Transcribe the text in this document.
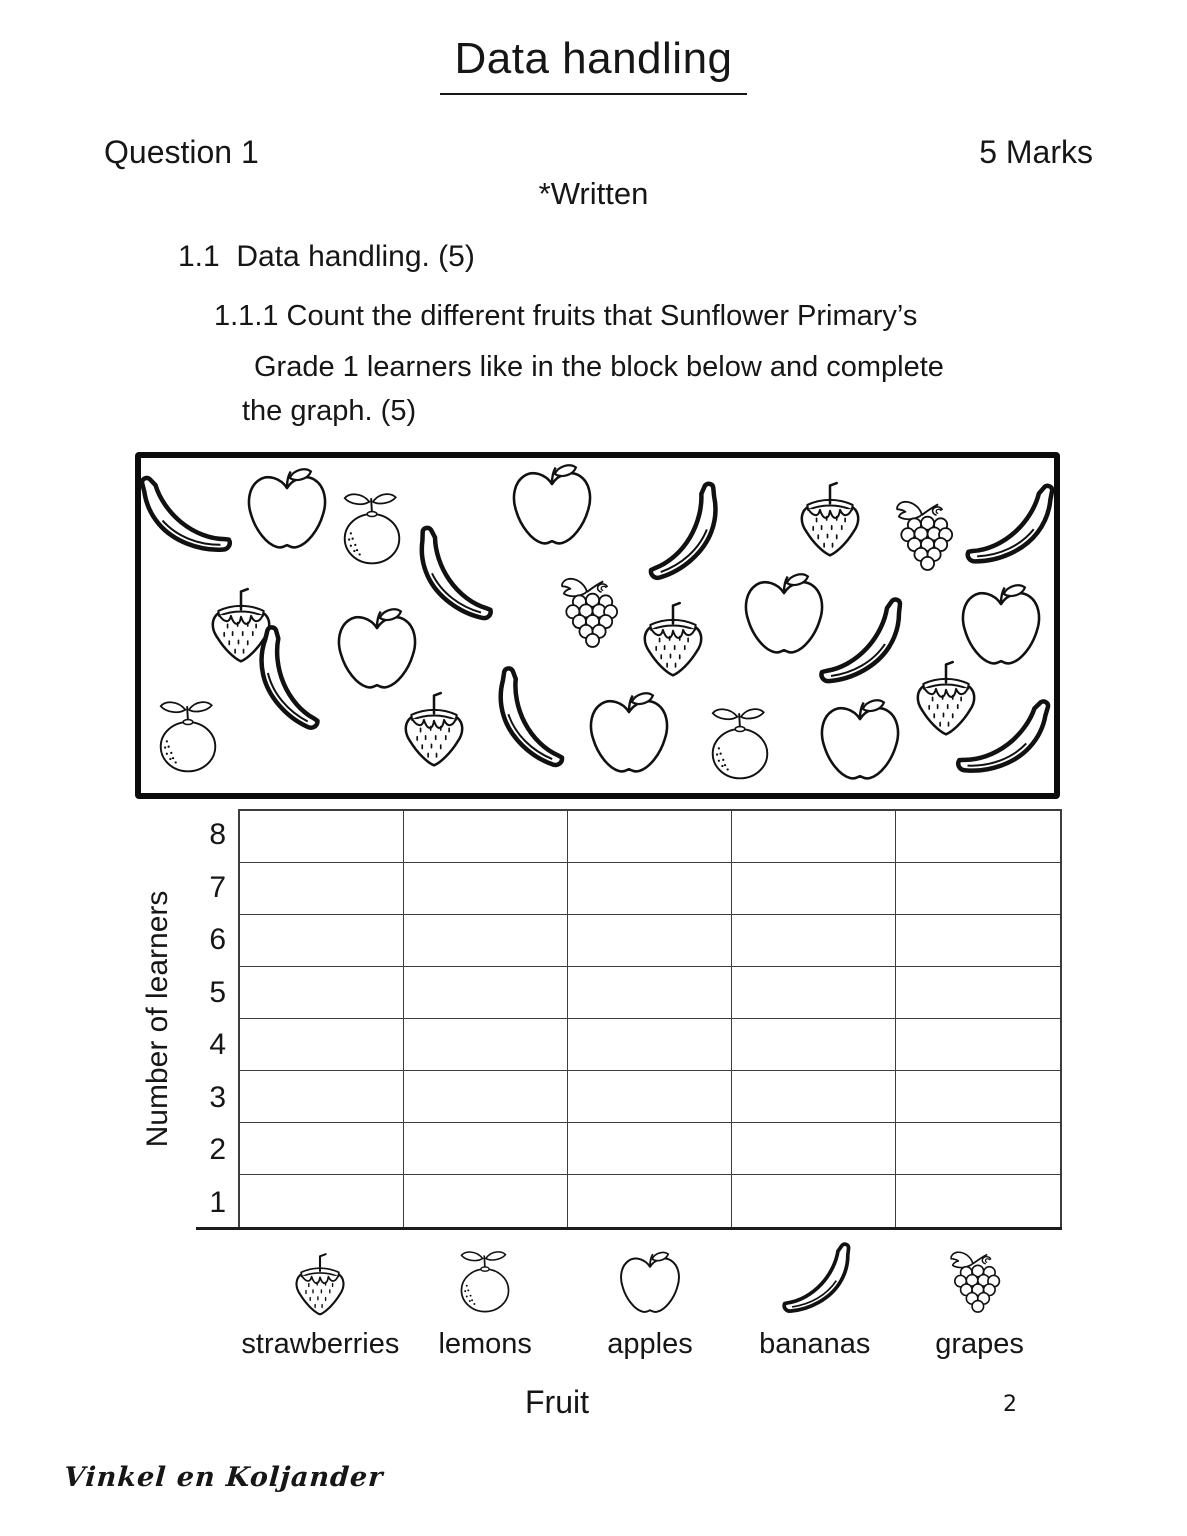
Data handling
Question 1	5 Marks
*Written
1.1  Data handling. (5)
1.1.1 Count the different fruits that Sunflower Primary’s
Grade 1 learners like in the block below and complete
the graph. (5)
Number of learners
8
7
6
5
4
3
2
1
strawberries	lemons	apples	bananas	grapes
Fruit	2
Vinkel en Koljander
